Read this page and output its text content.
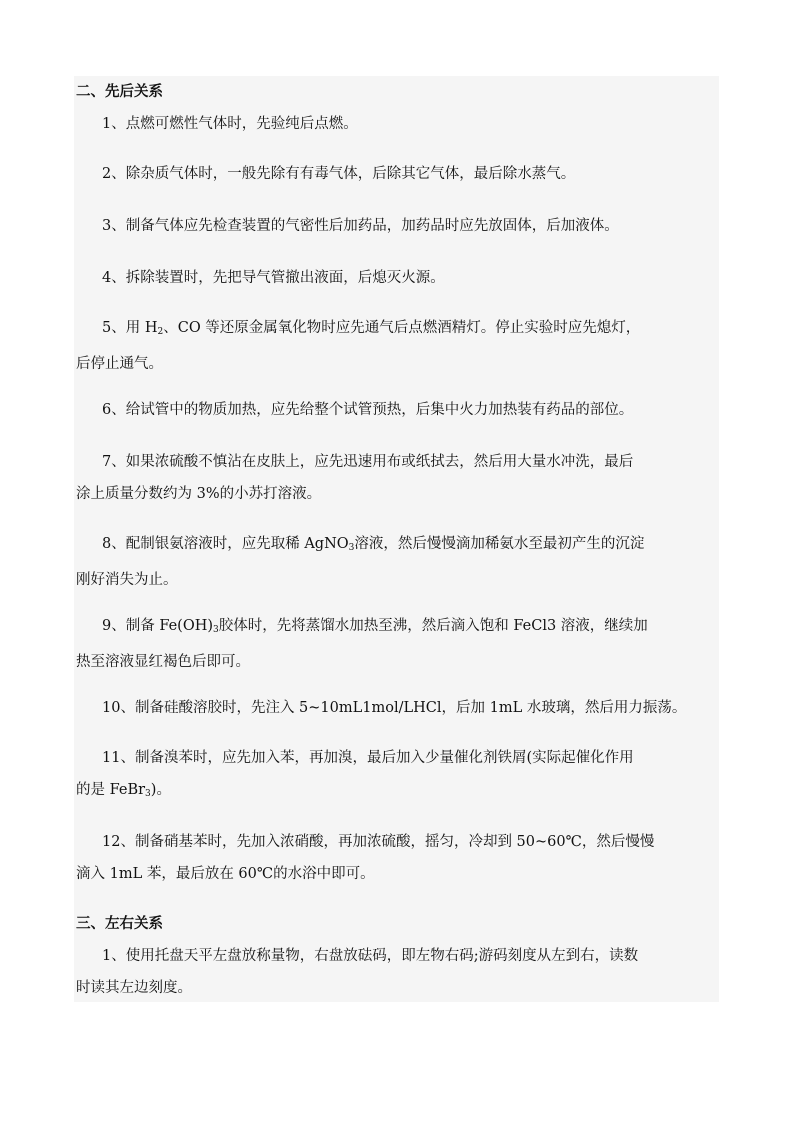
二、先后关系
1、点燃可燃性气体时，先验纯后点燃。
2、除杂质气体时，一般先除有有毒气体，后除其它气体，最后除水蒸气。
3、制备气体应先检查装置的气密性后加药品，加药品时应先放固体，后加液体。
4、拆除装置时，先把导气管撤出液面，后熄灭火源。
5、用 $H_2$、CO 等还原金属氧化物时应先通气后点燃酒精灯。停止实验时应先熄灯，
后停止通气。
6、给试管中的物质加热，应先给整个试管预热，后集中火力加热装有药品的部位。
7、如果浓硫酸不慎沾在皮肤上，应先迅速用布或纸拭去，然后用大量水冲洗，最后
涂上质量分数约为 3%的小苏打溶液。
8、配制银氨溶液时，应先取稀 AgNO$_3$溶液，然后慢慢滴加稀氨水至最初产生的沉淀
刚好消失为止。
9、制备 $Fe(OH)_3$胶体时，先将蒸馏水加热至沸，然后滴入饱和 FeCl3 溶液，继续加
热至溶液显红褐色后即可。
10、制备硅酸溶胶时，先注入 5~10mL1mol/LHCl，后加 1mL 水玻璃，然后用力振荡。
11、制备溴苯时，应先加入苯，再加溴，最后加入少量催化剂铁屑(实际起催化作用
的是 FeBr$_3$)。
12、制备硝基苯时，先加入浓硝酸，再加浓硫酸，摇匀，冷却到 50~60℃，然后慢慢
滴入 1mL 苯，最后放在 60℃的水浴中即可。
三、左右关系
1、使用托盘天平左盘放称量物，右盘放砝码，即左物右码;游码刻度从左到右，读数
时读其左边刻度。
